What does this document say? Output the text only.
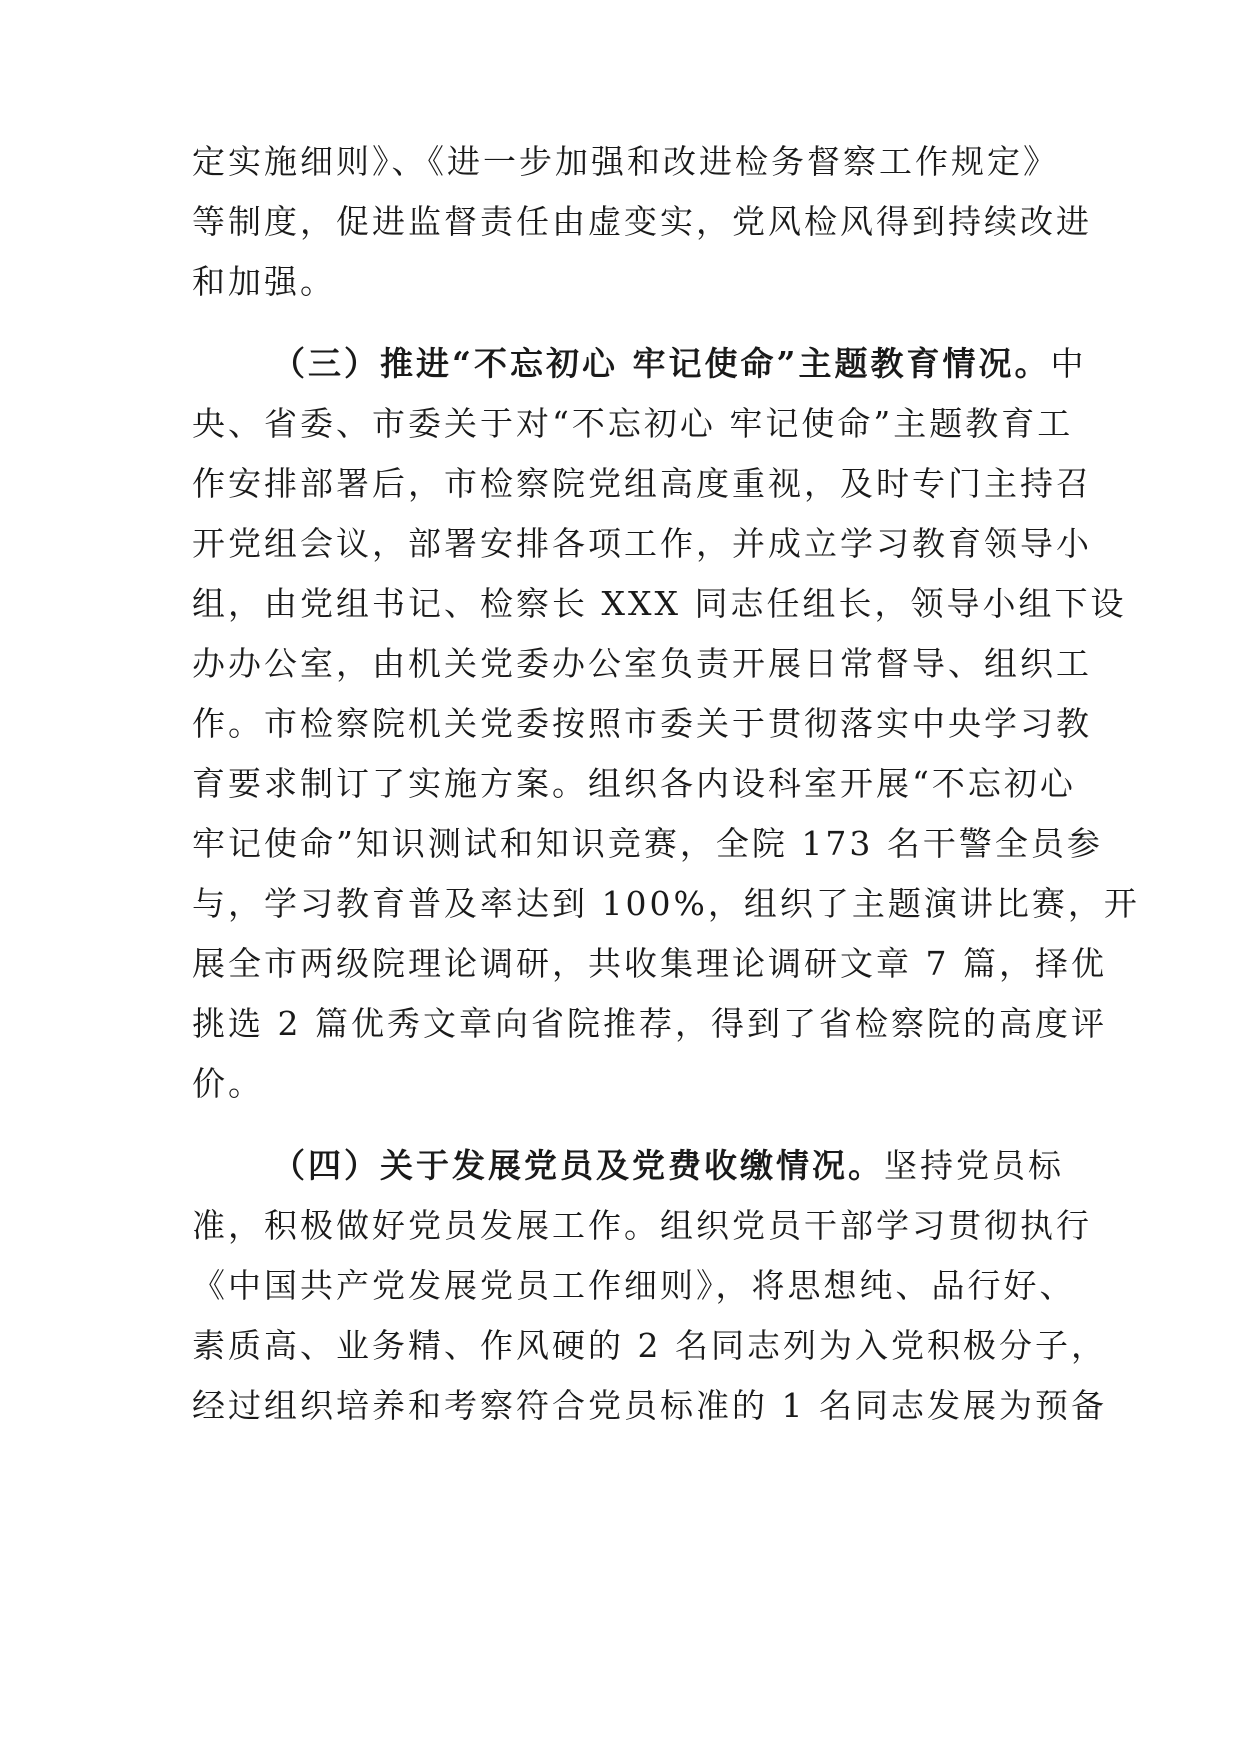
定实施细则》、《进一步加强和改进检务督察工作规定》
等制度，促进监督责任由虚变实，党风检风得到持续改进
和加强。
（三）推进“不忘初心 牢记使命”主题教育情况。中
央、省委、市委关于对“不忘初心 牢记使命”主题教育工
作安排部署后，市检察院党组高度重视，及时专门主持召
开党组会议，部署安排各项工作，并成立学习教育领导小
组，由党组书记、检察长 XXX 同志任组长，领导小组下设
办办公室，由机关党委办公室负责开展日常督导、组织工
作。市检察院机关党委按照市委关于贯彻落实中央学习教
育要求制订了实施方案。组织各内设科室开展“不忘初心
牢记使命”知识测试和知识竞赛，全院 173 名干警全员参
与，学习教育普及率达到 100%，组织了主题演讲比赛，开
展全市两级院理论调研，共收集理论调研文章 7 篇，择优
挑选 2 篇优秀文章向省院推荐，得到了省检察院的高度评
价。
（四）关于发展党员及党费收缴情况。坚持党员标
准，积极做好党员发展工作。组织党员干部学习贯彻执行
《中国共产党发展党员工作细则》，将思想纯、品行好、
素质高、业务精、作风硬的 2 名同志列为入党积极分子，
经过组织培养和考察符合党员标准的 1 名同志发展为预备
